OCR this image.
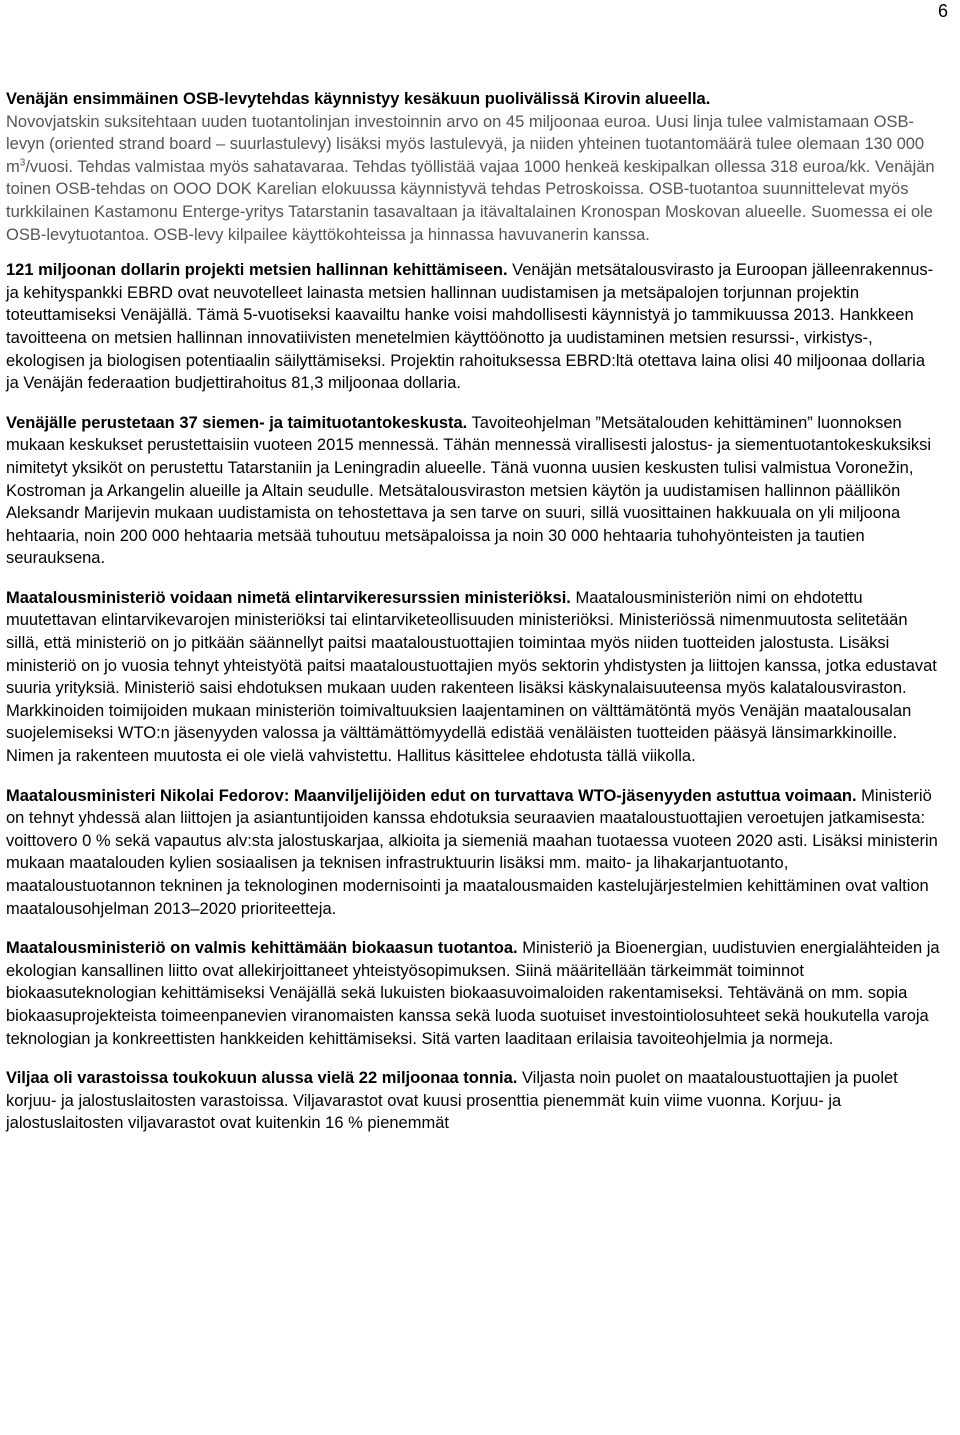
6

Venäjän ensimmäinen OSB-levytehdas käynnistyy kesäkuun puolivälissä Kirovin alueella.
Novovjatskin suksitehtaan uuden tuotantolinjan investoinnin arvo on 45 miljoonaa euroa. Uusi linja tulee valmistamaan OSB-levyn (oriented strand board – suurlastulevy) lisäksi myös lastulevyä, ja niiden yhteinen tuotantomäärä tulee olemaan 130 000 $m^3$/vuosi. Tehdas valmistaa myös sahatavaraa. Tehdas työllistää vajaa 1000 henkeä keskipalkan ollessa 318 euroa/kk. Venäjän toinen OSB-tehdas on OOO DOK Karelian elokuussa käynnistyvä tehdas Petroskoissa. OSB-tuotantoa suunnittelevat myös turkkilainen Kastamonu Enterge-yritys Tatarstanin tasavaltaan ja itävaltalainen Kronospan Moskovan alueelle. Suomessa ei ole OSB-levytuotantoa. OSB-levy kilpailee käyttökohteissa ja hinnassa havuvanerin kanssa.

121 miljoonan dollarin projekti metsien hallinnan kehittämiseen. Venäjän metsätalousvirasto ja Euroopan jälleenrakennus- ja kehityspankki EBRD ovat neuvotelleet lainasta metsien hallinnan uudistamisen ja metsäpalojen torjunnan projektin toteuttamiseksi Venäjällä. Tämä 5-vuotiseksi kaavailtu hanke voisi mahdollisesti käynnistyä jo tammikuussa 2013. Hankkeen tavoitteena on metsien hallinnan innovatiivisten menetelmien käyttöönotto ja uudistaminen metsien resurssi-, virkistys-, ekologisen ja biologisen potentiaalin säilyttämiseksi. Projektin rahoituksessa EBRD:ltä otettava laina olisi 40 miljoonaa dollaria ja Venäjän federaation budjettirahoitus 81,3 miljoonaa dollaria.

Venäjälle perustetaan 37 siemen- ja taimituotantokeskusta. Tavoiteohjelman ”Metsätalouden kehittäminen” luonnoksen mukaan keskukset perustettaisiin vuoteen 2015 mennessä. Tähän mennessä virallisesti jalostus- ja siementuotantokeskuksiksi nimitetyt yksiköt on perustettu Tatarstaniin ja Leningradin alueelle. Tänä vuonna uusien keskusten tulisi valmistua Voronežin, Kostroman ja Arkangelin alueille ja Altain seudulle. Metsätalousviraston metsien käytön ja uudistamisen hallinnon päällikön Aleksandr Marijevin mukaan uudistamista on tehostettava ja sen tarve on suuri, sillä vuosittainen hakkuuala on yli miljoona hehtaaria, noin 200 000 hehtaaria metsää tuhoutuu metsäpaloissa ja noin 30 000 hehtaaria tuhohyönteisten ja tautien seurauksena.

Maatalousministeriö voidaan nimetä elintarvikeresurssien ministeriöksi. Maatalousministeriön nimi on ehdotettu muutettavan elintarvikevarojen ministeriöksi tai elintarviketeollisuuden ministeriöksi. Ministeriössä nimenmuutosta selitetään sillä, että ministeriö on jo pitkään säännellyt paitsi maataloustuottajien toimintaa myös niiden tuotteiden jalostusta. Lisäksi ministeriö on jo vuosia tehnyt yhteistyötä paitsi maataloustuottajien myös sektorin yhdistysten ja liittojen kanssa, jotka edustavat suuria yrityksiä. Ministeriö saisi ehdotuksen mukaan uuden rakenteen lisäksi käskynalaisuuteensa myös kalatalousviraston. Markkinoiden toimijoiden mukaan ministeriön toimivaltuuksien laajentaminen on välttämätöntä myös Venäjän maatalousalan suojelemiseksi WTO:n jäsenyyden valossa ja välttämättömyydellä edistää venäläisten tuotteiden pääsyä länsimarkkinoille. Nimen ja rakenteen muutosta ei ole vielä vahvistettu. Hallitus käsittelee ehdotusta tällä viikolla.

Maatalousministeri Nikolai Fedorov: Maanviljelijöiden edut on turvattava WTO-jäsenyyden astuttua voimaan. Ministeriö on tehnyt yhdessä alan liittojen ja asiantuntijoiden kanssa ehdotuksia seuraavien maataloustuottajien veroetujen jatkamisesta: voittovero 0 % sekä vapautus alv:sta jalostuskarjaa, alkioita ja siemeniä maahan tuotaessa vuoteen 2020 asti. Lisäksi ministerin mukaan maatalouden kylien sosiaalisen ja teknisen infrastruktuurin lisäksi mm. maito- ja lihakarjantuotanto, maataloustuotannon tekninen ja teknologinen modernisointi ja maatalousmaiden kastelujärjestelmien kehittäminen ovat valtion maatalousohjelman 2013–2020 prioriteetteja.

Maatalousministeriö on valmis kehittämään biokaasun tuotantoa. Ministeriö ja Bioenergian, uudistuvien energialähteiden ja ekologian kansallinen liitto ovat allekirjoittaneet yhteistyösopimuksen. Siinä määritellään tärkeimmät toiminnot biokaasuteknologian kehittämiseksi Venäjällä sekä lukuisten biokaasuvoimaloiden rakentamiseksi. Tehtävänä on mm. sopia biokaasuprojekteista toimeenpanevien viranomaisten kanssa sekä luoda suotuiset investointiolosuhteet sekä houkutella varoja teknologian ja konkreettisten hankkeiden kehittämiseksi. Sitä varten laaditaan erilaisia tavoiteohjelmia ja normeja.

Viljaa oli varastoissa toukokuun alussa vielä 22 miljoonaa tonnia. Viljasta noin puolet on maataloustuottajien ja puolet korjuu- ja jalostuslaitosten varastoissa. Viljavarastot ovat kuusi prosenttia pienemmät kuin viime vuonna. Korjuu- ja jalostuslaitosten viljavarastot ovat kuitenkin 16 % pienemmät
